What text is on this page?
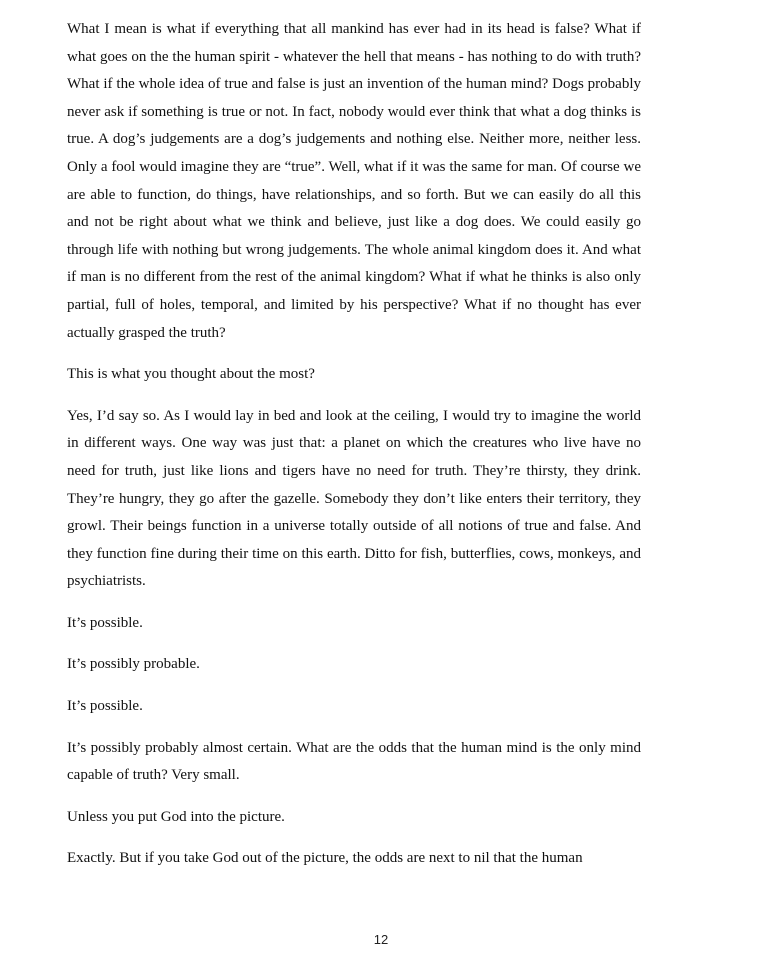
What I mean is what if everything that all mankind has ever had in its head is false? What if what goes on the the human spirit - whatever the hell that means - has nothing to do with truth? What if the whole idea of true and false is just an invention of the human mind? Dogs probably never ask if something is true or not. In fact, nobody would ever think that what a dog thinks is true. A dog’s judgements are a dog’s judgements and nothing else. Neither more, neither less. Only a fool would imagine they are “true”. Well, what if it was the same for man. Of course we are able to function, do things, have relationships, and so forth. But we can easily do all this and not be right about what we think and believe, just like a dog does. We could easily go through life with nothing but wrong judgements. The whole animal kingdom does it. And what if man is no different from the rest of the animal kingdom? What if what he thinks is also only partial, full of holes, temporal, and limited by his perspective? What if no thought has ever actually grasped the truth?

This is what you thought about the most?

Yes, I’d say so. As I would lay in bed and look at the ceiling, I would try to imagine the world in different ways. One way was just that: a planet on which the creatures who live have no need for truth, just like lions and tigers have no need for truth. They’re thirsty, they drink. They’re hungry, they go after the gazelle. Somebody they don’t like enters their territory, they growl. Their beings function in a universe totally outside of all notions of true and false. And they function fine during their time on this earth. Ditto for fish, butterflies, cows, monkeys, and psychiatrists.

It’s possible.

It’s possibly probable.

It’s possible.

It’s possibly probably almost certain. What are the odds that the human mind is the only mind capable of truth? Very small.

Unless you put God into the picture.

Exactly. But if you take God out of the picture, the odds are next to nil that the human

12
